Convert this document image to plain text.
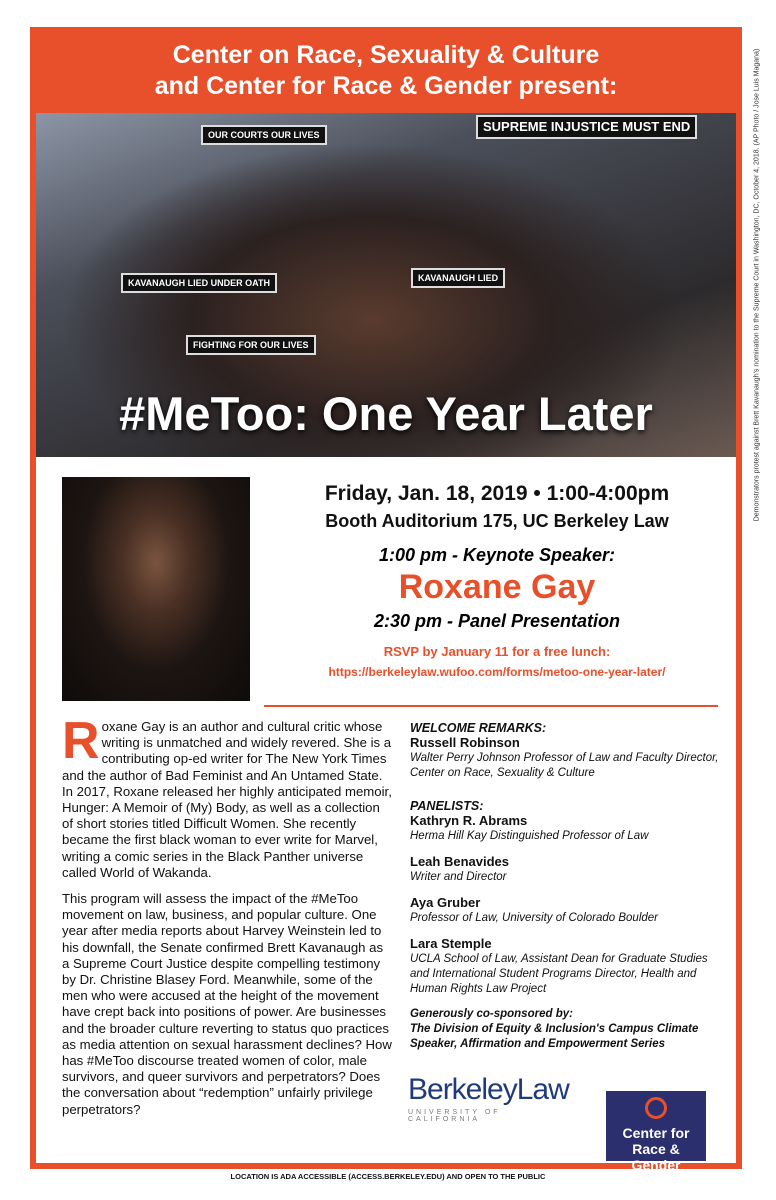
Center on Race, Sexuality & Culture
and Center for Race & Gender present:
OUR COURTS OUR LIVES
SUPREME INJUSTICE MUST END
KAVANAUGH LIED UNDER OATH
FIGHTING FOR OUR LIVES
KAVANAUGH LIED
#MeToo: One Year Later
Friday, Jan. 18, 2019 • 1:00-4:00pm
Booth Auditorium 175, UC Berkeley Law
1:00 pm - Keynote Speaker:
Roxane Gay
2:30 pm - Panel Presentation
RSVP by January 11 for a free lunch:
https://berkeleylaw.wufoo.com/forms/metoo-one-year-later/

Roxane Gay is an author and cultural critic whose writing is unmatched and widely revered. She is a contributing op-ed writer for The New York Times and the author of Bad Feminist and An Untamed State. In 2017, Roxane released her highly anticipated memoir, Hunger: A Memoir of (My) Body, as well as a collection of short stories titled Difficult Women. She recently became the first black woman to ever write for Marvel, writing a comic series in the Black Panther universe called World of Wakanda.

This program will assess the impact of the #MeToo movement on law, business, and popular culture. One year after media reports about Harvey Weinstein led to his downfall, the Senate confirmed Brett Kavanaugh as a Supreme Court Justice despite compelling testimony by Dr. Christine Blasey Ford. Meanwhile, some of the men who were accused at the height of the movement have crept back into positions of power. Are businesses and the broader culture reverting to status quo practices as media attention on sexual harassment declines? How has #MeToo discourse treated women of color, male survivors, and queer survivors and perpetrators? Does the conversation about “redemption” unfairly privilege perpetrators?

WELCOME REMARKS:
Russell Robinson
Walter Perry Johnson Professor of Law and Faculty Director, Center on Race, Sexuality & Culture
PANELISTS:
Kathryn R. Abrams
Herma Hill Kay Distinguished Professor of Law
Leah Benavides
Writer and Director
Aya Gruber
Professor of Law, University of Colorado Boulder
Lara Stemple
UCLA School of Law, Assistant Dean for Graduate Studies and International Student Programs Director, Health and Human Rights Law Project
Generously co-sponsored by:
The Division of Equity & Inclusion's Campus Climate Speaker, Affirmation and Empowerment Series
BerkeleyLaw
UNIVERSITY OF CALIFORNIA
Center for
Race & Gender
Demonstrators protest against Brett Kavanaugh's nomination to the Supreme Court in Washington, DC, October 4, 2018. (AP Photo / Jose Luis Magana)
LOCATION IS ADA ACCESSIBLE (ACCESS.BERKELEY.EDU) AND OPEN TO THE PUBLIC
